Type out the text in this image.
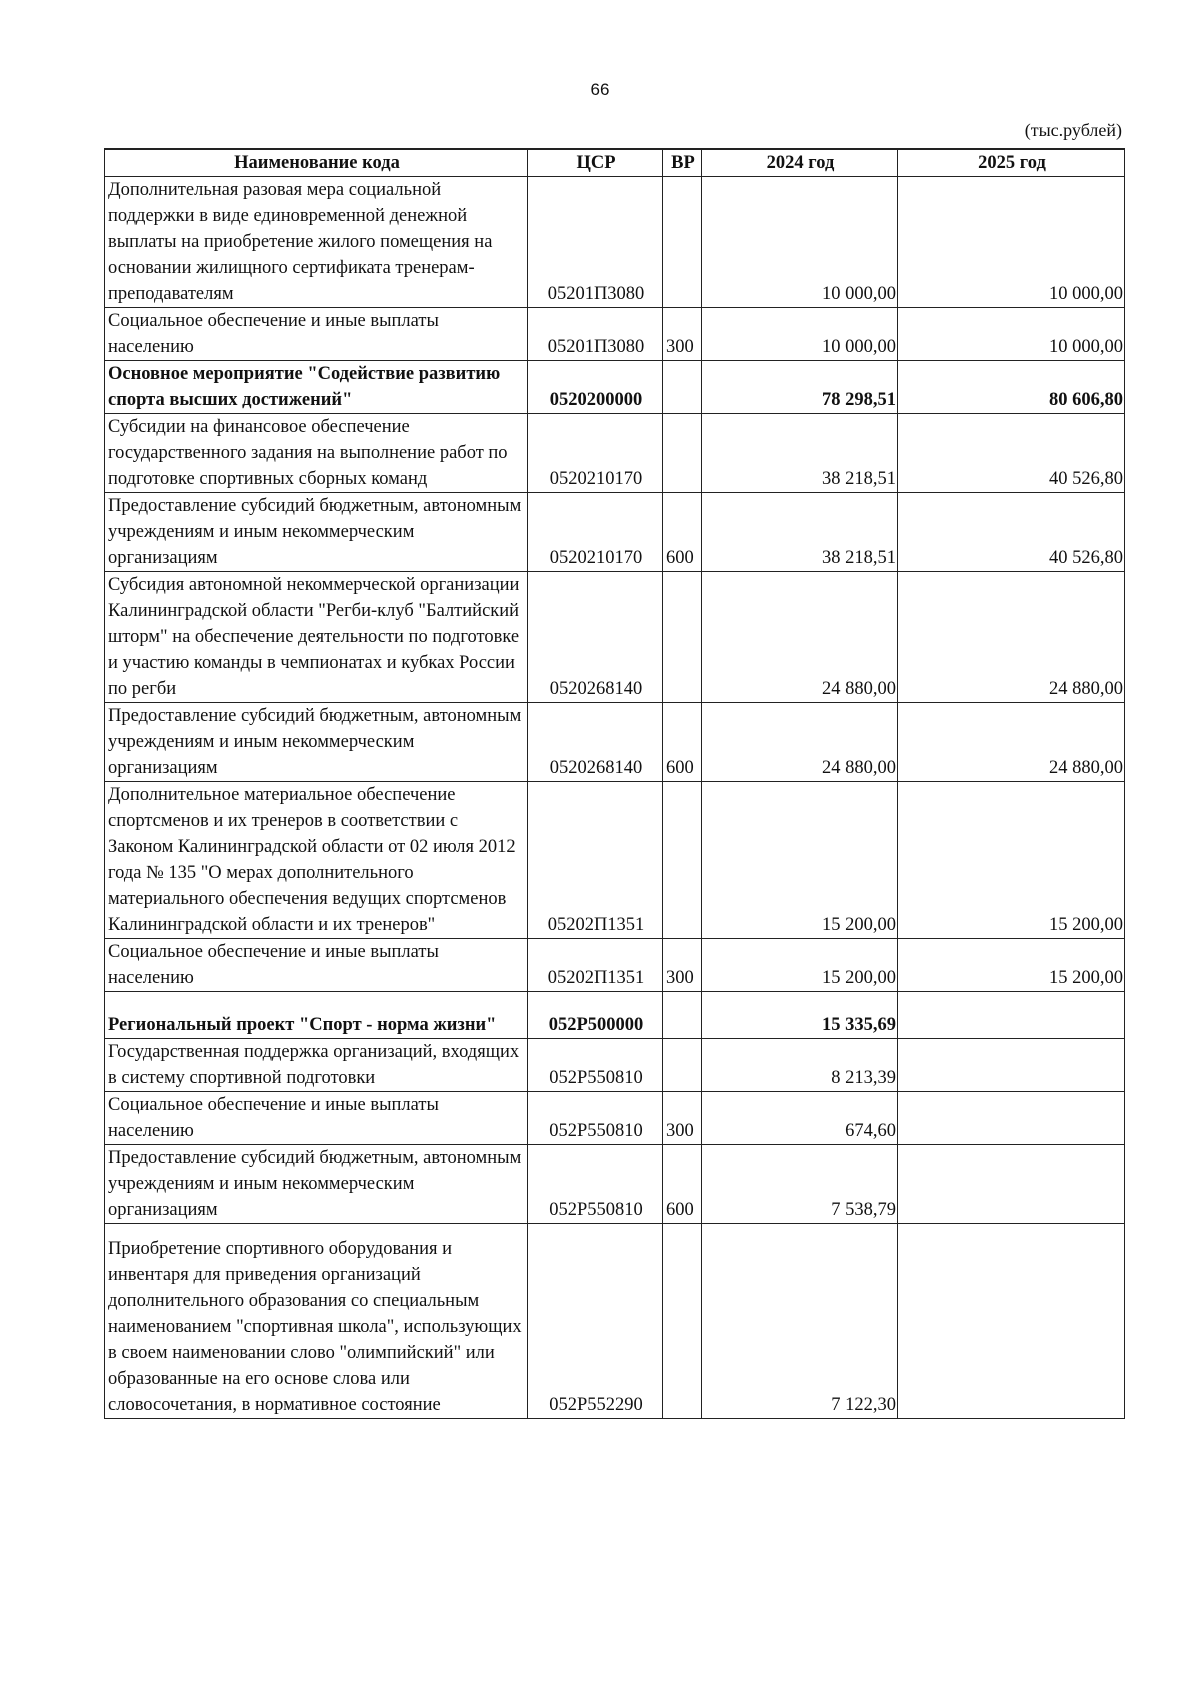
66
(тыс.рублей)
Наименование кода	ЦСР	ВР	2024 год	2025 год
Дополнительная разовая мера социальной поддержки в виде единовременной денежной выплаты на приобретение жилого помещения на основании жилищного сертификата тренерам-преподавателям	05201П3080		10 000,00	10 000,00
Социальное обеспечение и иные выплаты населению	05201П3080	300	10 000,00	10 000,00
Основное мероприятие "Содействие развитию спорта высших достижений"	0520200000		78 298,51	80 606,80
Субсидии на финансовое обеспечение государственного задания на выполнение работ по подготовке спортивных сборных команд	0520210170		38 218,51	40 526,80
Предоставление субсидий бюджетным, автономным учреждениям и иным некоммерческим организациям	0520210170	600	38 218,51	40 526,80
Субсидия автономной некоммерческой организации Калининградской области "Регби-клуб "Балтийский шторм" на обеспечение деятельности по подготовке и участию команды в чемпионатах и кубках России по регби	0520268140		24 880,00	24 880,00
Предоставление субсидий бюджетным, автономным учреждениям и иным некоммерческим организациям	0520268140	600	24 880,00	24 880,00
Дополнительное материальное обеспечение спортсменов и их тренеров в соответствии с Законом Калининградской области от 02 июля 2012 года № 135 "О мерах дополнительного материального обеспечения ведущих спортсменов Калининградской области и их тренеров"	05202П1351		15 200,00	15 200,00
Социальное обеспечение и иные выплаты населению	05202П1351	300	15 200,00	15 200,00
Региональный проект "Спорт - норма жизни"	052Р500000		15 335,69	
Государственная поддержка организаций, входящих в систему спортивной подготовки	052Р550810		8 213,39	
Социальное обеспечение и иные выплаты населению	052Р550810	300	674,60	
Предоставление субсидий бюджетным, автономным учреждениям и иным некоммерческим организациям	052Р550810	600	7 538,79	
Приобретение спортивного оборудования и инвентаря для приведения организаций дополнительного образования со специальным наименованием "спортивная школа", использующих в своем наименовании слово "олимпийский" или образованные на его основе слова или словосочетания, в нормативное состояние	052Р552290		7 122,30	
